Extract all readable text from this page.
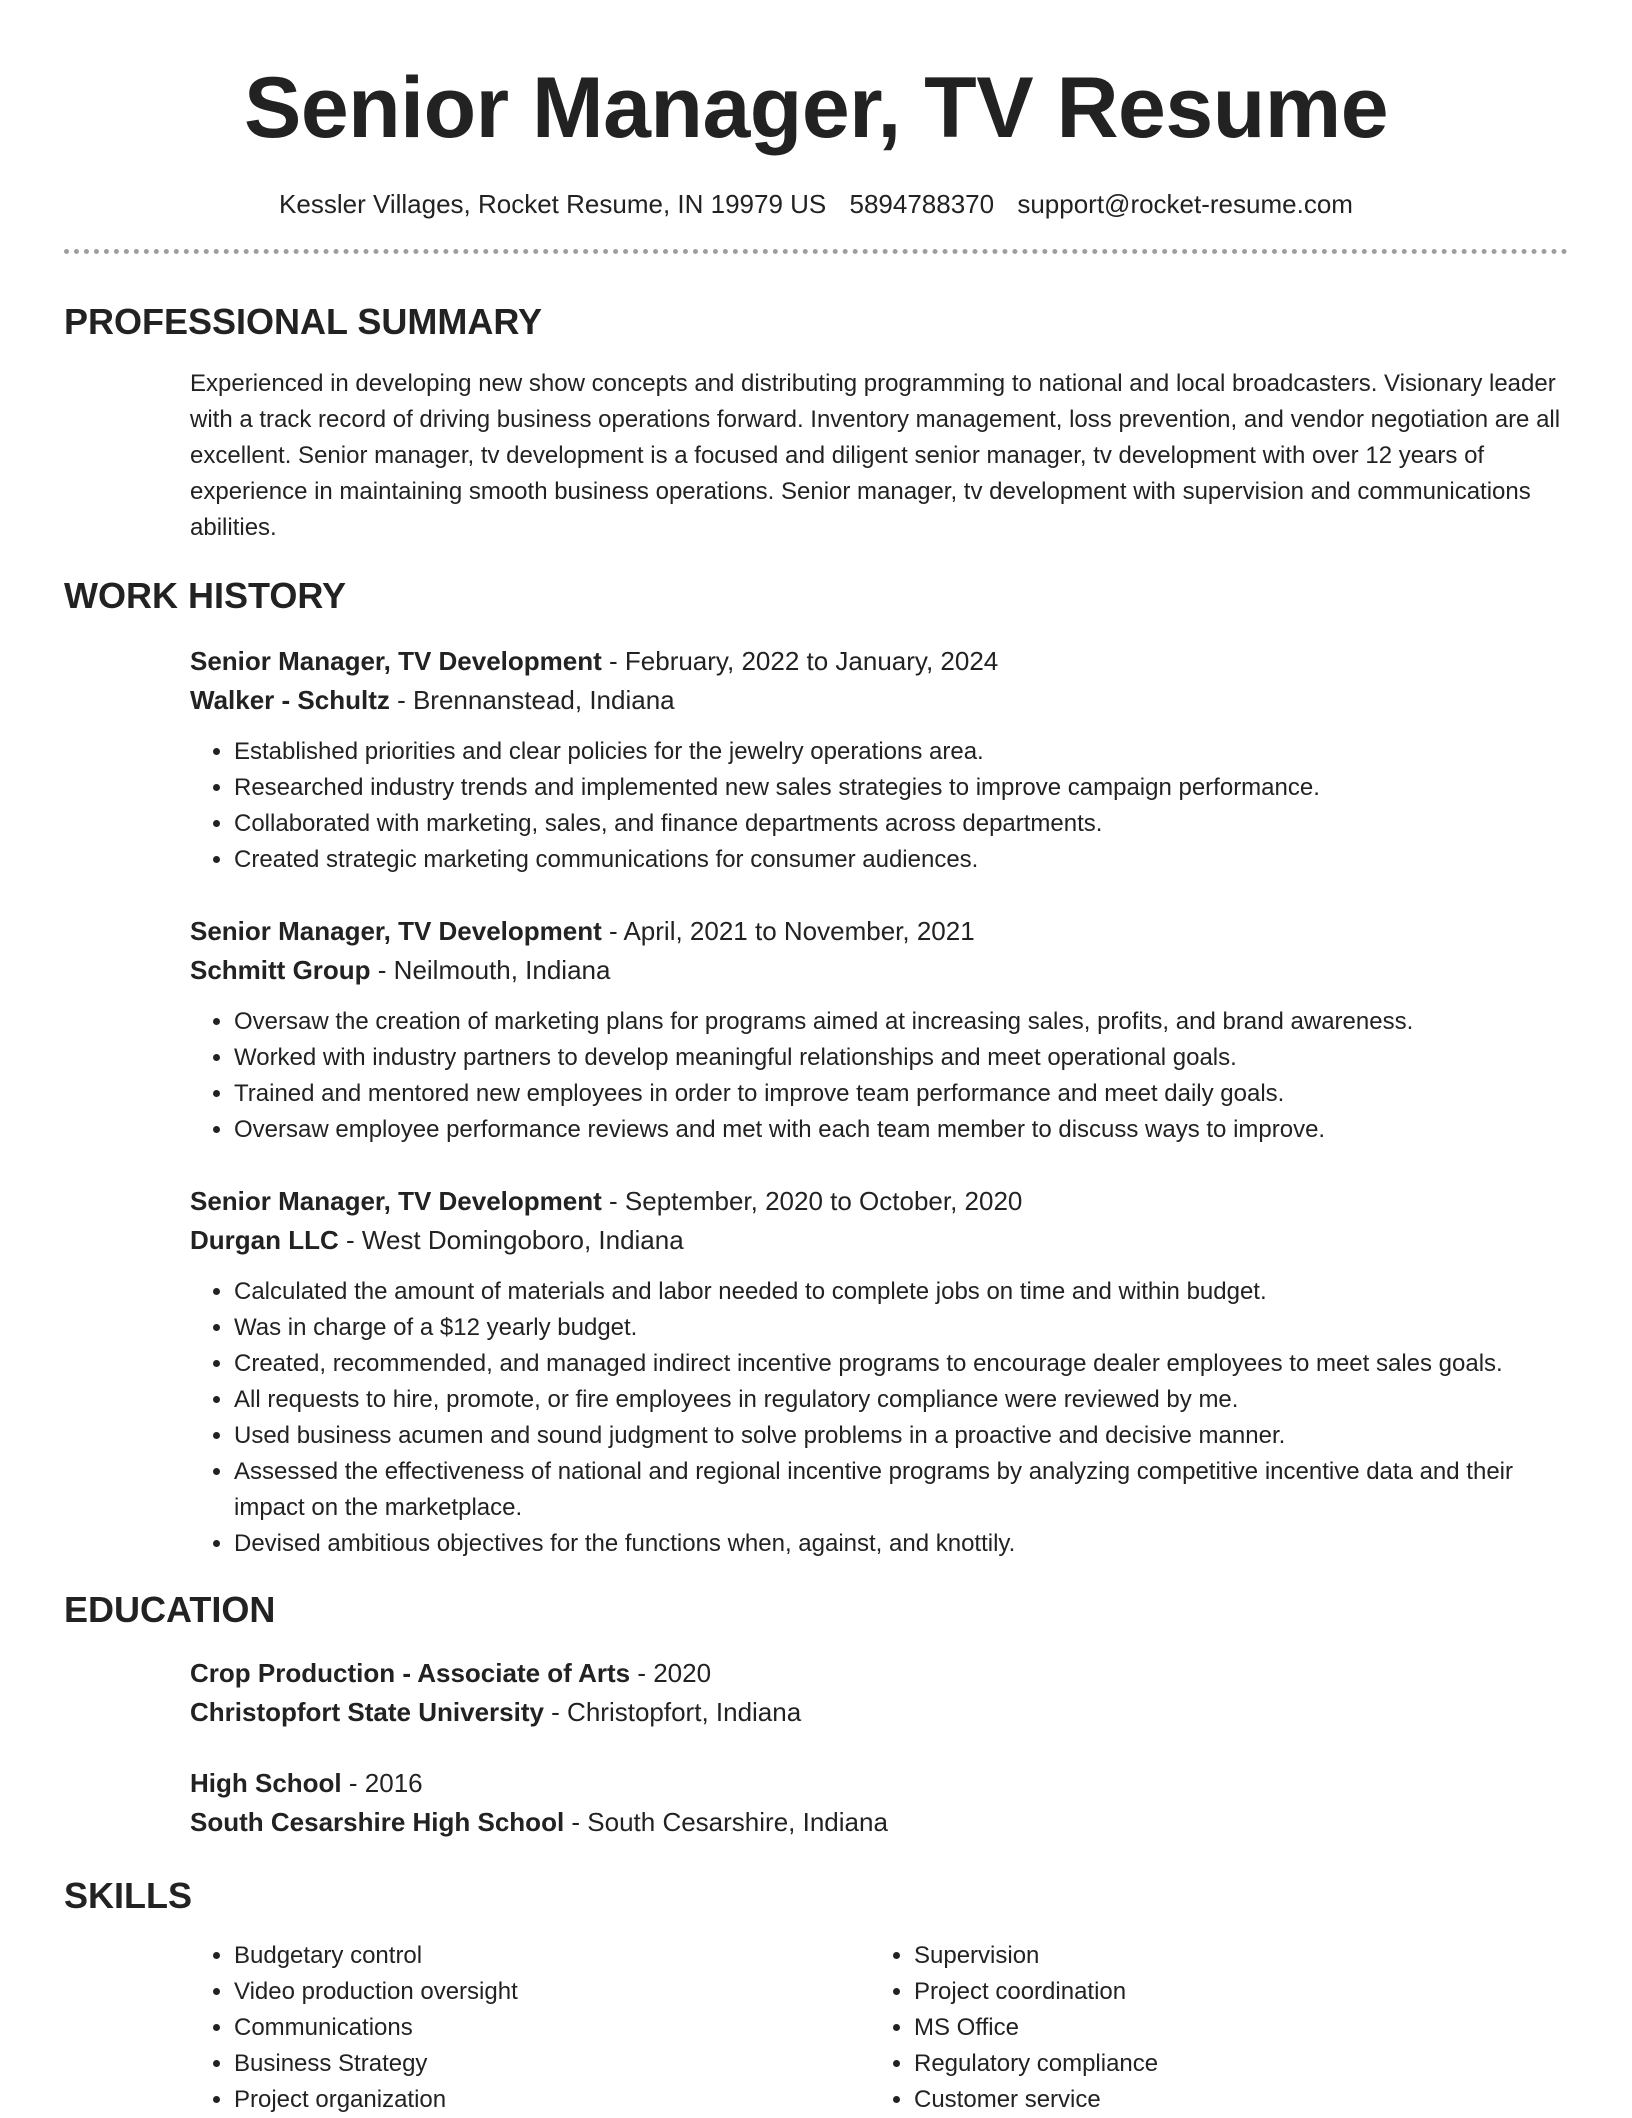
Senior Manager, TV Resume
Kessler Villages, Rocket Resume, IN 19979 US 5894788370 support@rocket-resume.com
PROFESSIONAL SUMMARY
Experienced in developing new show concepts and distributing programming to national and local broadcasters. Visionary leader with a track record of driving business operations forward. Inventory management, loss prevention, and vendor negotiation are all excellent. Senior manager, tv development is a focused and diligent senior manager, tv development with over 12 years of experience in maintaining smooth business operations. Senior manager, tv development with supervision and communications abilities.
WORK HISTORY
Senior Manager, TV Development - February, 2022 to January, 2024
Walker - Schultz - Brennanstead, Indiana
• Established priorities and clear policies for the jewelry operations area.
• Researched industry trends and implemented new sales strategies to improve campaign performance.
• Collaborated with marketing, sales, and finance departments across departments.
• Created strategic marketing communications for consumer audiences.
Senior Manager, TV Development - April, 2021 to November, 2021
Schmitt Group - Neilmouth, Indiana
• Oversaw the creation of marketing plans for programs aimed at increasing sales, profits, and brand awareness.
• Worked with industry partners to develop meaningful relationships and meet operational goals.
• Trained and mentored new employees in order to improve team performance and meet daily goals.
• Oversaw employee performance reviews and met with each team member to discuss ways to improve.
Senior Manager, TV Development - September, 2020 to October, 2020
Durgan LLC - West Domingoboro, Indiana
• Calculated the amount of materials and labor needed to complete jobs on time and within budget.
• Was in charge of a $12 yearly budget.
• Created, recommended, and managed indirect incentive programs to encourage dealer employees to meet sales goals.
• All requests to hire, promote, or fire employees in regulatory compliance were reviewed by me.
• Used business acumen and sound judgment to solve problems in a proactive and decisive manner.
• Assessed the effectiveness of national and regional incentive programs by analyzing competitive incentive data and their impact on the marketplace.
• Devised ambitious objectives for the functions when, against, and knottily.
EDUCATION
Crop Production - Associate of Arts - 2020
Christopfort State University - Christopfort, Indiana
High School - 2016
South Cesarshire High School - South Cesarshire, Indiana
SKILLS
• Budgetary control
• Video production oversight
• Communications
• Business Strategy
• Project organization
• Supervision
• Project coordination
• MS Office
• Regulatory compliance
• Customer service
